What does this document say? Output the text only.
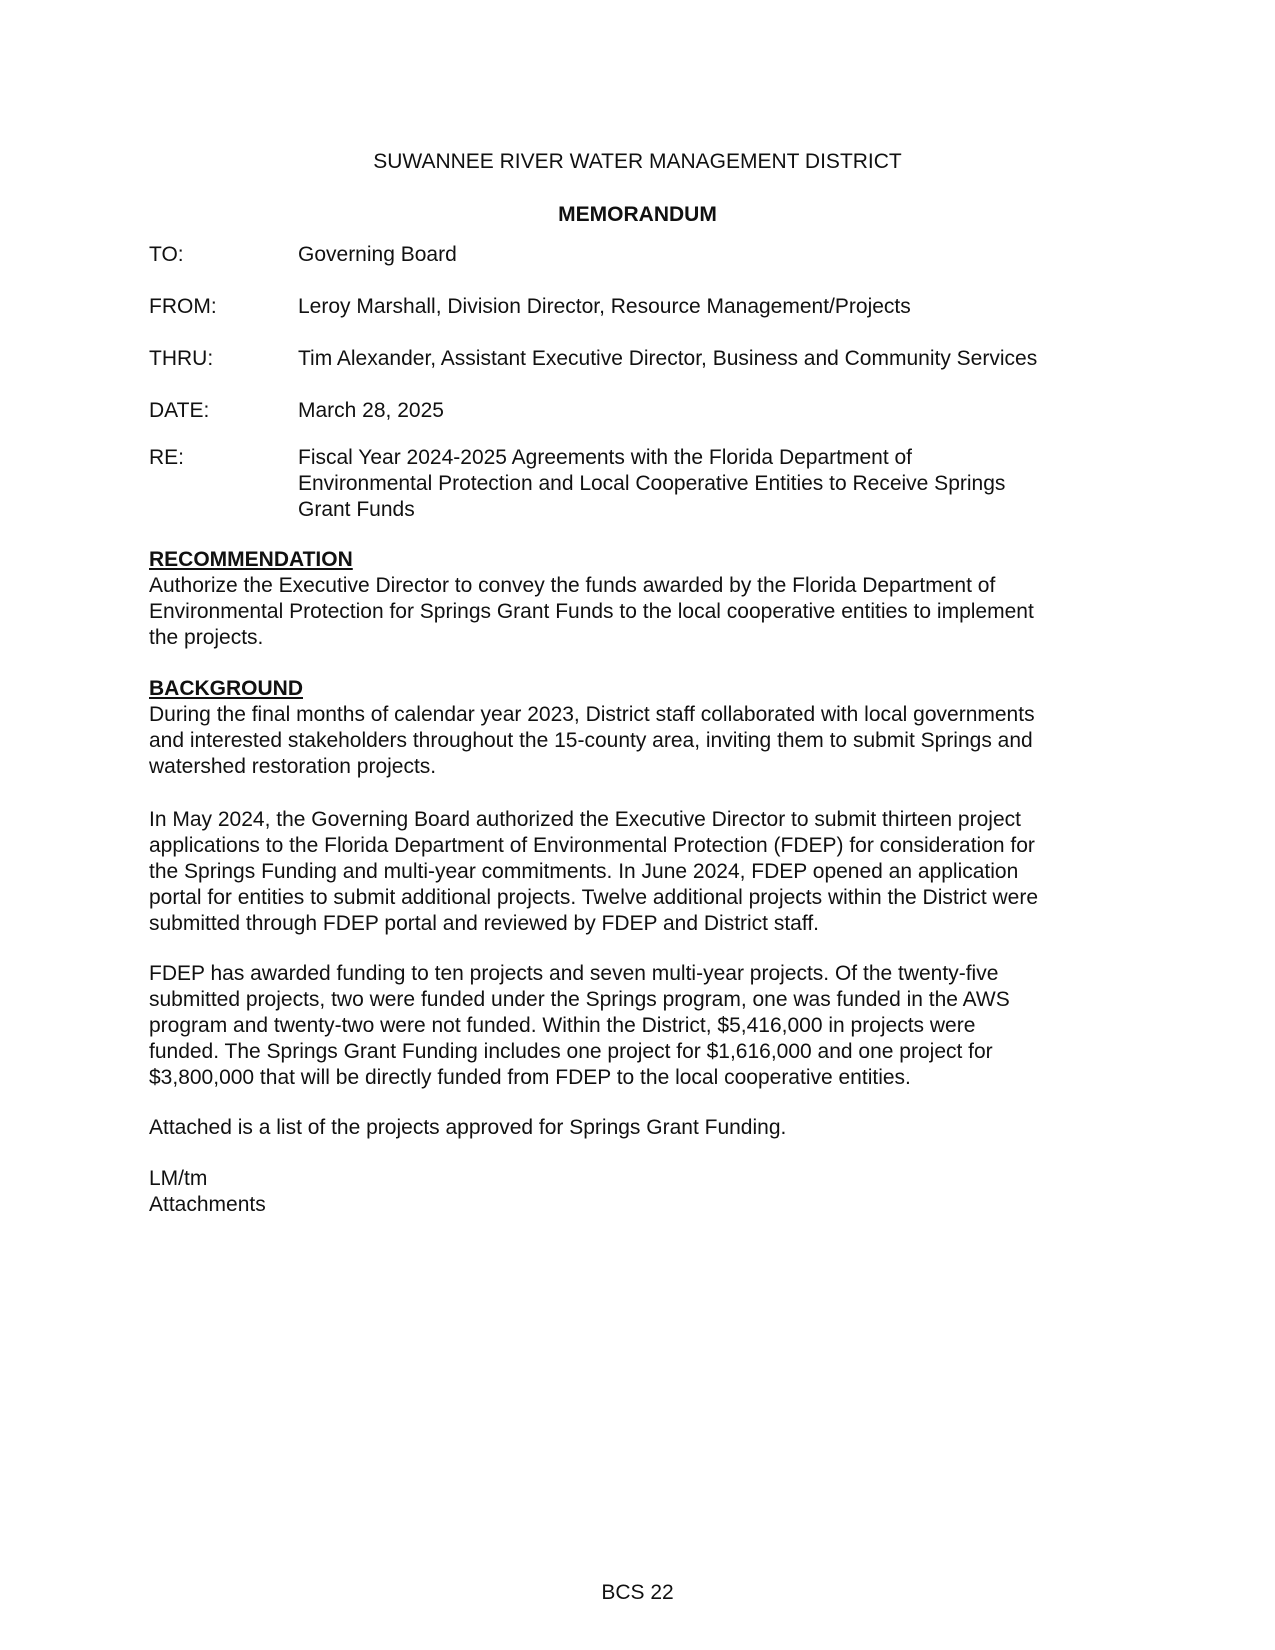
SUWANNEE RIVER WATER MANAGEMENT DISTRICT
MEMORANDUM
TO:	Governing Board
FROM:	Leroy Marshall, Division Director, Resource Management/Projects
THRU:	Tim Alexander, Assistant Executive Director, Business and Community Services
DATE:	March 28, 2025
RE:	Fiscal Year 2024-2025 Agreements with the Florida Department of
Environmental Protection and Local Cooperative Entities to Receive Springs
Grant Funds
RECOMMENDATION
Authorize the Executive Director to convey the funds awarded by the Florida Department of
Environmental Protection for Springs Grant Funds to the local cooperative entities to implement
the projects.
BACKGROUND
During the final months of calendar year 2023, District staff collaborated with local governments
and interested stakeholders throughout the 15-county area, inviting them to submit Springs and
watershed restoration projects.
In May 2024, the Governing Board authorized the Executive Director to submit thirteen project
applications to the Florida Department of Environmental Protection (FDEP) for consideration for
the Springs Funding and multi-year commitments. In June 2024, FDEP opened an application
portal for entities to submit additional projects. Twelve additional projects within the District were
submitted through FDEP portal and reviewed by FDEP and District staff.
FDEP has awarded funding to ten projects and seven multi-year projects. Of the twenty-five
submitted projects, two were funded under the Springs program, one was funded in the AWS
program and twenty-two were not funded. Within the District, $5,416,000 in projects were
funded. The Springs Grant Funding includes one project for $1,616,000 and one project for
$3,800,000 that will be directly funded from FDEP to the local cooperative entities.
Attached is a list of the projects approved for Springs Grant Funding.
LM/tm
Attachments
BCS 22
